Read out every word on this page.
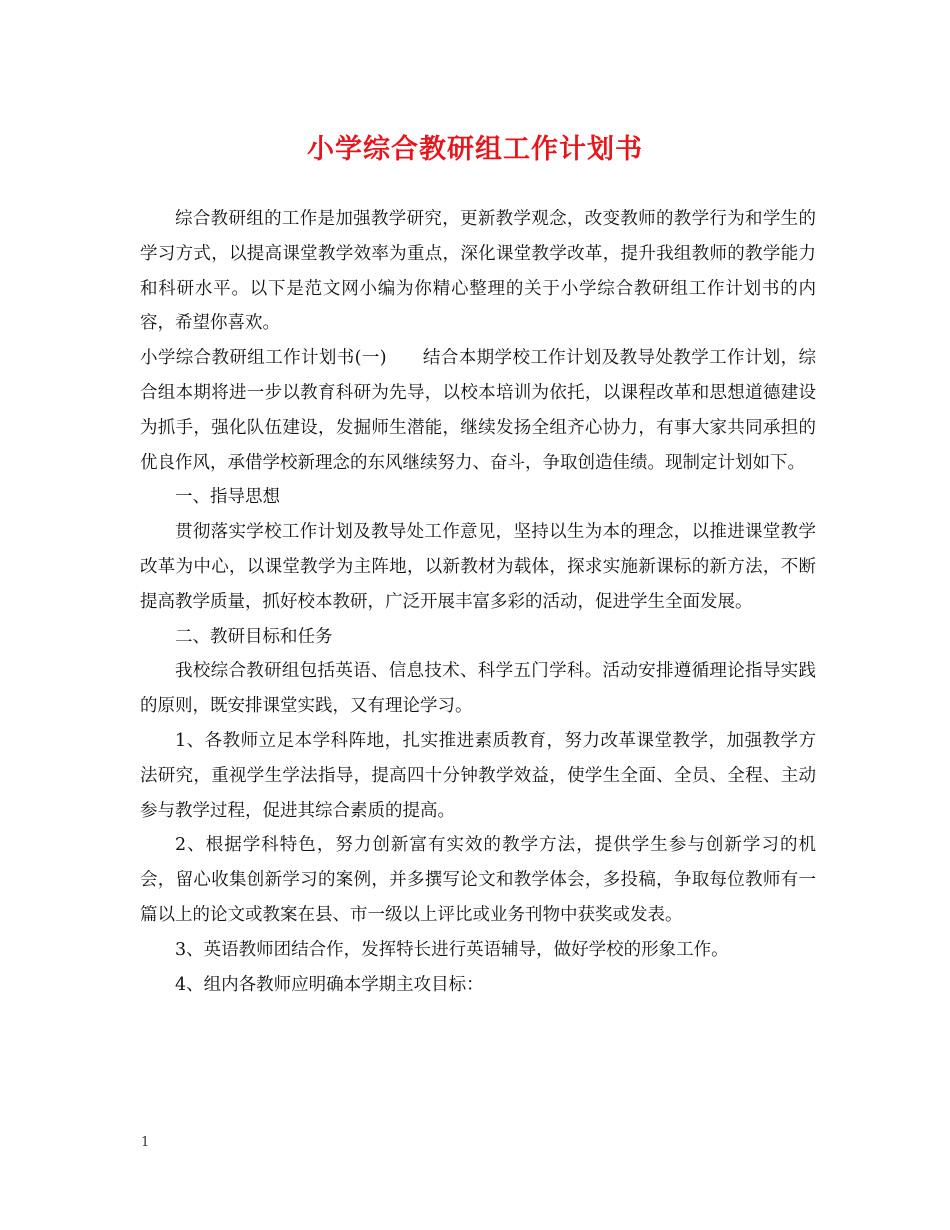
小学综合教研组工作计划书

综合教研组的工作是加强教学研究，更新教学观念，改变教师的教学行为和学生的学习方式，以提高课堂教学效率为重点，深化课堂教学改革，提升我组教师的教学能力和科研水平。以下是范文网小编为你精心整理的关于小学综合教研组工作计划书的内容，希望你喜欢。

小学综合教研组工作计划书(一) 结合本期学校工作计划及教导处教学工作计划，综合组本期将进一步以教育科研为先导，以校本培训为依托，以课程改革和思想道德建设为抓手，强化队伍建设，发掘师生潜能，继续发扬全组齐心协力，有事大家共同承担的优良作风，承借学校新理念的东风继续努力、奋斗，争取创造佳绩。现制定计划如下。

一、指导思想

贯彻落实学校工作计划及教导处工作意见，坚持以生为本的理念，以推进课堂教学改革为中心，以课堂教学为主阵地，以新教材为载体，探求实施新课标的新方法，不断提高教学质量，抓好校本教研，广泛开展丰富多彩的活动，促进学生全面发展。

二、教研目标和任务

我校综合教研组包括英语、信息技术、科学五门学科。活动安排遵循理论指导实践的原则，既安排课堂实践，又有理论学习。

1、各教师立足本学科阵地，扎实推进素质教育，努力改革课堂教学，加强教学方法研究，重视学生学法指导，提高四十分钟教学效益，使学生全面、全员、全程、主动参与教学过程，促进其综合素质的提高。

2、根据学科特色，努力创新富有实效的教学方法，提供学生参与创新学习的机会，留心收集创新学习的案例，并多撰写论文和教学体会，多投稿，争取每位教师有一篇以上的论文或教案在县、市一级以上评比或业务刊物中获奖或发表。

3、英语教师团结合作，发挥特长进行英语辅导，做好学校的形象工作。

4、组内各教师应明确本学期主攻目标：

1
